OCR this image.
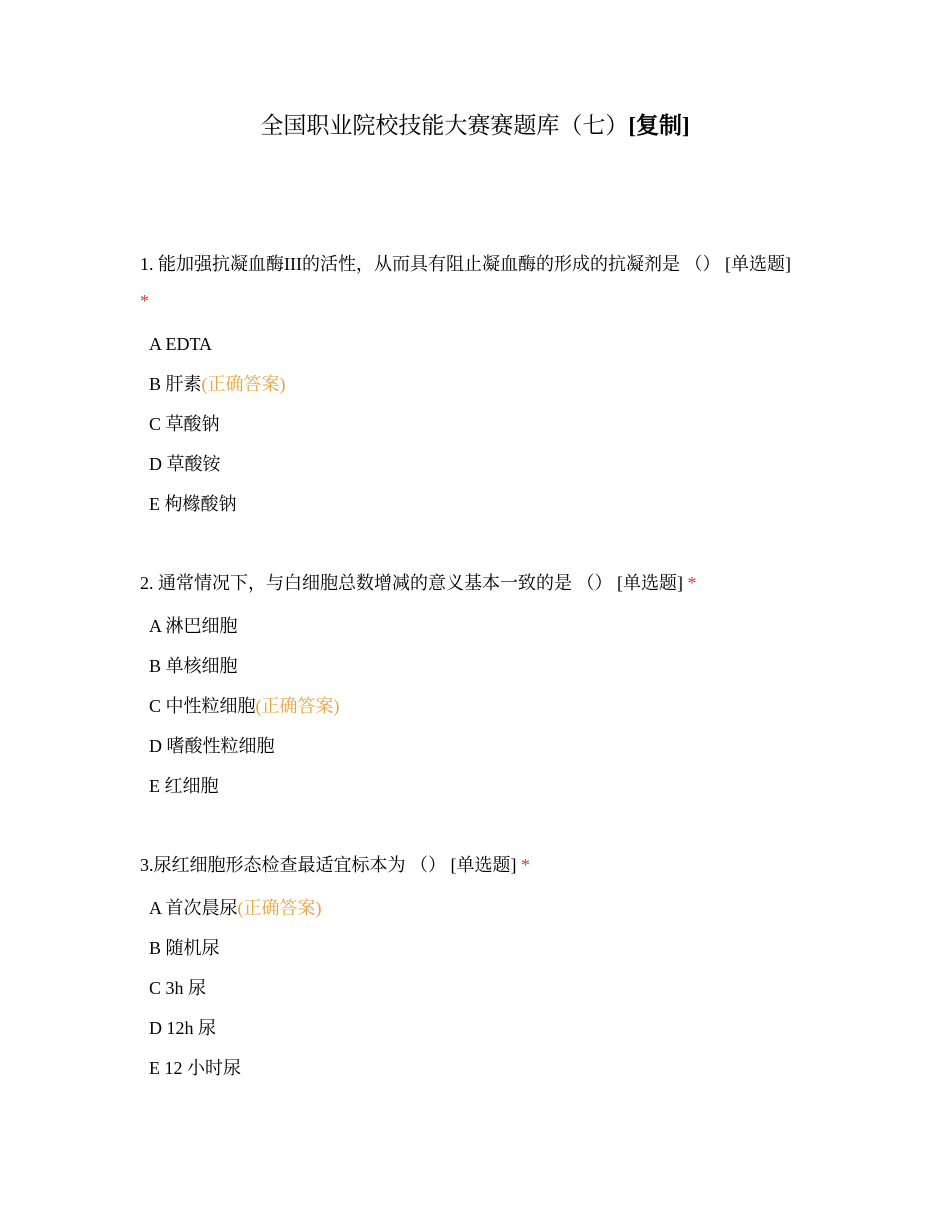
全国职业院校技能大赛赛题库（七）[复制]

1. 能加强抗凝血酶III的活性，从而具有阻止凝血酶的形成的抗凝剂是 （） [单选题] *

A EDTA
B 肝素(正确答案)
C 草酸钠
D 草酸铵
E 枸橼酸钠

2. 通常情况下，与白细胞总数增减的意义基本一致的是 （） [单选题] *

A 淋巴细胞
B 单核细胞
C 中性粒细胞(正确答案)
D 嗜酸性粒细胞
E 红细胞

3.尿红细胞形态检查最适宜标本为 （） [单选题] *

A 首次晨尿(正确答案)
B 随机尿
C 3h 尿
D 12h 尿
E 12 小时尿
